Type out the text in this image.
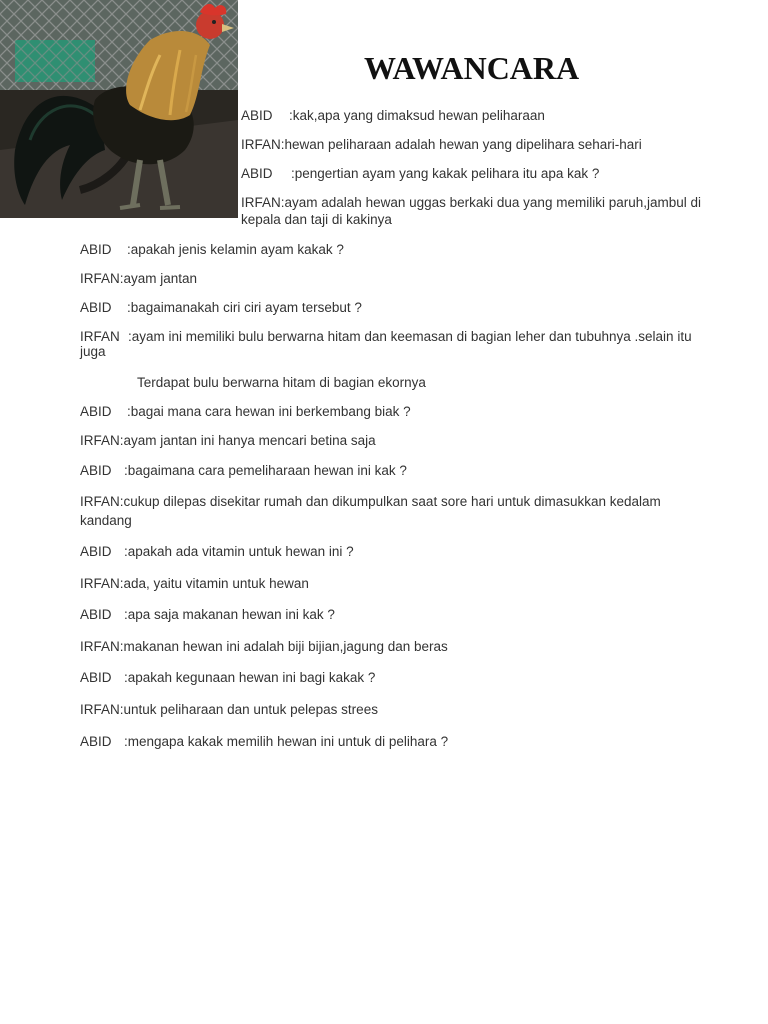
WAWANCARA
ABID :kak,apa yang dimaksud hewan peliharaan
IRFAN:hewan peliharaan adalah hewan yang dipelihara sehari-hari
ABID :pengertian ayam yang kakak pelihara itu apa kak ?
IRFAN:ayam adalah hewan uggas berkaki dua yang memiliki paruh,jambul di kepala dan taji di kakinya
ABID :apakah jenis kelamin ayam kakak ?
IRFAN:ayam jantan
ABID :bagaimanakah ciri ciri ayam tersebut ?
IRFAN :ayam ini memiliki bulu berwarna hitam dan keemasan di bagian leher dan tubuhnya .selain itu juga
Terdapat bulu berwarna hitam di bagian ekornya
ABID :bagai mana cara hewan ini berkembang biak ?
IRFAN:ayam jantan ini hanya mencari betina saja
ABID :bagaimana cara pemeliharaan hewan ini kak ?
IRFAN:cukup dilepas disekitar rumah dan dikumpulkan saat sore hari untuk dimasukkan kedalam kandang
ABID :apakah ada vitamin untuk hewan ini ?
IRFAN:ada, yaitu vitamin untuk hewan
ABID :apa saja makanan hewan ini kak ?
IRFAN:makanan hewan ini adalah biji bijian,jagung dan beras
ABID :apakah kegunaan hewan ini bagi kakak ?
IRFAN:untuk peliharaan dan untuk pelepas strees
ABID :mengapa kakak memilih hewan ini untuk di pelihara ?
